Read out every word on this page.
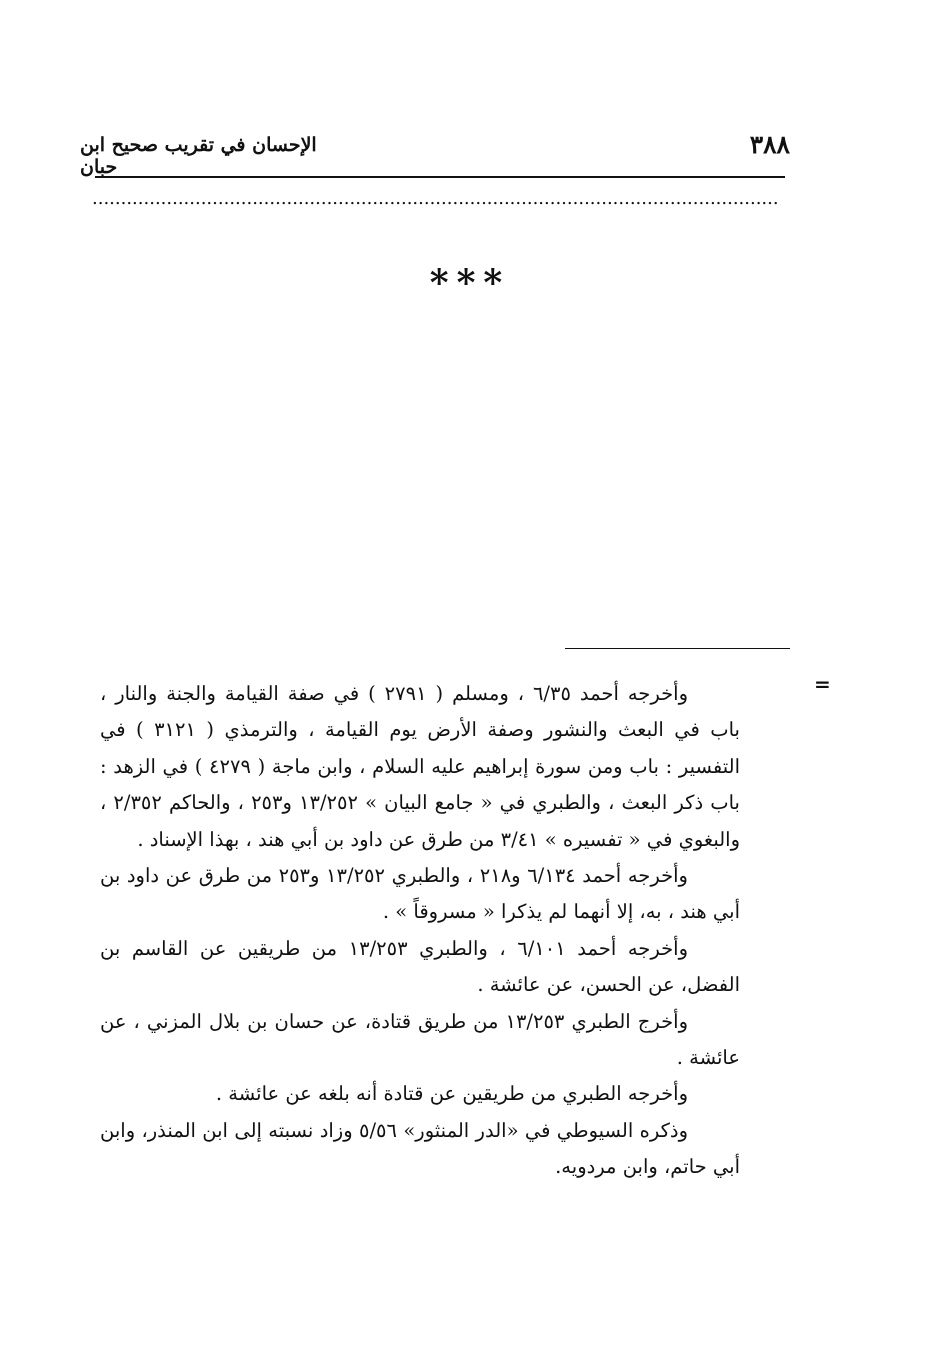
٣٨٨
الإحسان في تقريب صحيح ابن حبان
........................................................................................................................
***
=

وأخرجه أحمد ٦/٣٥ ، ومسلم ( ٢٧٩١ ) في صفة القيامة والجنة والنار ، باب في البعث والنشور وصفة الأرض يوم القيامة ، والترمذي ( ٣١٢١ ) في التفسير : باب ومن سورة إبراهيم عليه السلام ، وابن ماجة ( ٤٢٧٩ ) في الزهد : باب ذكر البعث ، والطبري في « جامع البيان » ١٣/٢٥٢ و٢٥٣ ، والحاكم ٢/٣٥٢ ، والبغوي في « تفسيره » ٣/٤١ من طرق عن داود بن أبي هند ، بهذا الإسناد .

وأخرجه أحمد ٦/١٣٤ و٢١٨ ، والطبري ١٣/٢٥٢ و٢٥٣ من طرق عن داود بن أبي هند ، به، إلا أنهما لم يذكرا « مسروقاً » .

وأخرجه أحمد ٦/١٠١ ، والطبري ١٣/٢٥٣ من طريقين عن القاسم بن الفضل، عن الحسن، عن عائشة .

وأخرج الطبري ١٣/٢٥٣ من طريق قتادة، عن حسان بن بلال المزني ، عن عائشة .

وأخرجه الطبري من طريقين عن قتادة أنه بلغه عن عائشة .

وذكره السيوطي في «الدر المنثور» ٥/٥٦ وزاد نسبته إلى ابن المنذر، وابن أبي حاتم، وابن مردويه.
